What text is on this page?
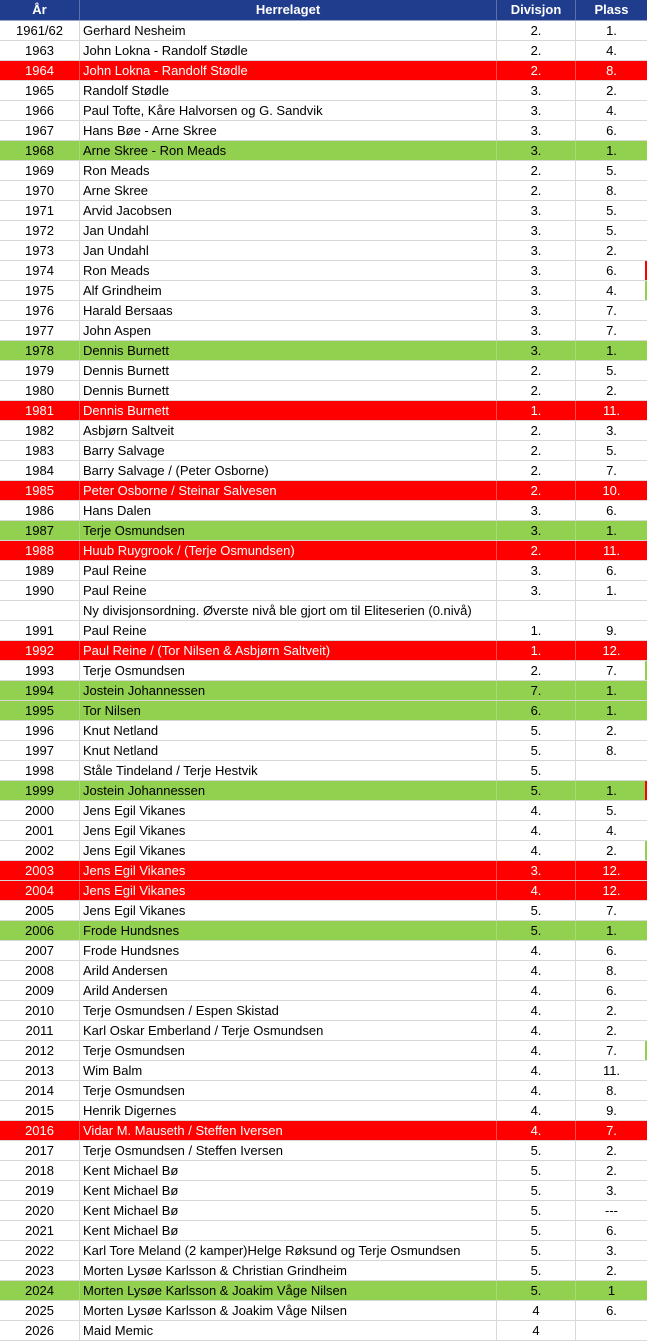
År	Herrelaget	Divisjon	Plass
1961/62	Gerhard Nesheim	2.	1.
1963	John Lokna - Randolf Stødle	2.	4.
1964	John Lokna - Randolf Stødle	2.	8.
1965	Randolf Stødle	3.	2.
1966	Paul Tofte, Kåre Halvorsen og G. Sandvik	3.	4.
1967	Hans Bøe - Arne Skree	3.	6.
1968	Arne Skree - Ron Meads	3.	1.
1969	Ron Meads	2.	5.
1970	Arne Skree	2.	8.
1971	Arvid Jacobsen	3.	5.
1972	Jan Undahl	3.	5.
1973	Jan Undahl	3.	2.
1974	Ron Meads	3.	6.
1975	Alf Grindheim	3.	4.
1976	Harald Bersaas	3.	7.
1977	John Aspen	3.	7.
1978	Dennis Burnett	3.	1.
1979	Dennis Burnett	2.	5.
1980	Dennis Burnett	2.	2.
1981	Dennis Burnett	1.	11.
1982	Asbjørn Saltveit	2.	3.
1983	Barry Salvage	2.	5.
1984	Barry Salvage / (Peter Osborne)	2.	7.
1985	Peter Osborne / Steinar Salvesen	2.	10.
1986	Hans Dalen	3.	6.
1987	Terje Osmundsen	3.	1.
1988	Huub Ruygrook / (Terje Osmundsen)	2.	11.
1989	Paul Reine	3.	6.
1990	Paul Reine	3.	1.
Ny divisjonsordning. Øverste nivå ble gjort om til Eliteserien (0.nivå)
1991	Paul Reine	1.	9.
1992	Paul Reine / (Tor Nilsen & Asbjørn Saltveit)	1.	12.
1993	Terje Osmundsen	2.	7.
1994	Jostein Johannessen	7.	1.
1995	Tor Nilsen	6.	1.
1996	Knut Netland	5.	2.
1997	Knut Netland	5.	8.
1998	Ståle Tindeland / Terje Hestvik	5.
1999	Jostein Johannessen	5.	1.
2000	Jens Egil Vikanes	4.	5.
2001	Jens Egil Vikanes	4.	4.
2002	Jens Egil Vikanes	4.	2.
2003	Jens Egil Vikanes	3.	12.
2004	Jens Egil Vikanes	4.	12.
2005	Jens Egil Vikanes	5.	7.
2006	Frode Hundsnes	5.	1.
2007	Frode Hundsnes	4.	6.
2008	Arild Andersen	4.	8.
2009	Arild Andersen	4.	6.
2010	Terje Osmundsen / Espen Skistad	4.	2.
2011	Karl Oskar Emberland / Terje Osmundsen	4.	2.
2012	Terje Osmundsen	4.	7.
2013	Wim Balm	4.	11.
2014	Terje Osmundsen	4.	8.
2015	Henrik Digernes	4.	9.
2016	Vidar M. Mauseth / Steffen Iversen	4.	7.
2017	Terje Osmundsen / Steffen Iversen	5.	2.
2018	Kent Michael Bø	5.	2.
2019	Kent Michael Bø	5.	3.
2020	Kent Michael Bø	5.	---
2021	Kent Michael Bø	5.	6.
2022	Karl Tore Meland (2 kamper)Helge Røksund og Terje Osmundsen	5.	3.
2023	Morten Lysøe Karlsson & Christian Grindheim	5.	2.
2024	Morten Lysøe Karlsson & Joakim Våge Nilsen	5.	1
2025	Morten Lysøe Karlsson & Joakim Våge Nilsen	4	6.
2026	Maid Memic	4
